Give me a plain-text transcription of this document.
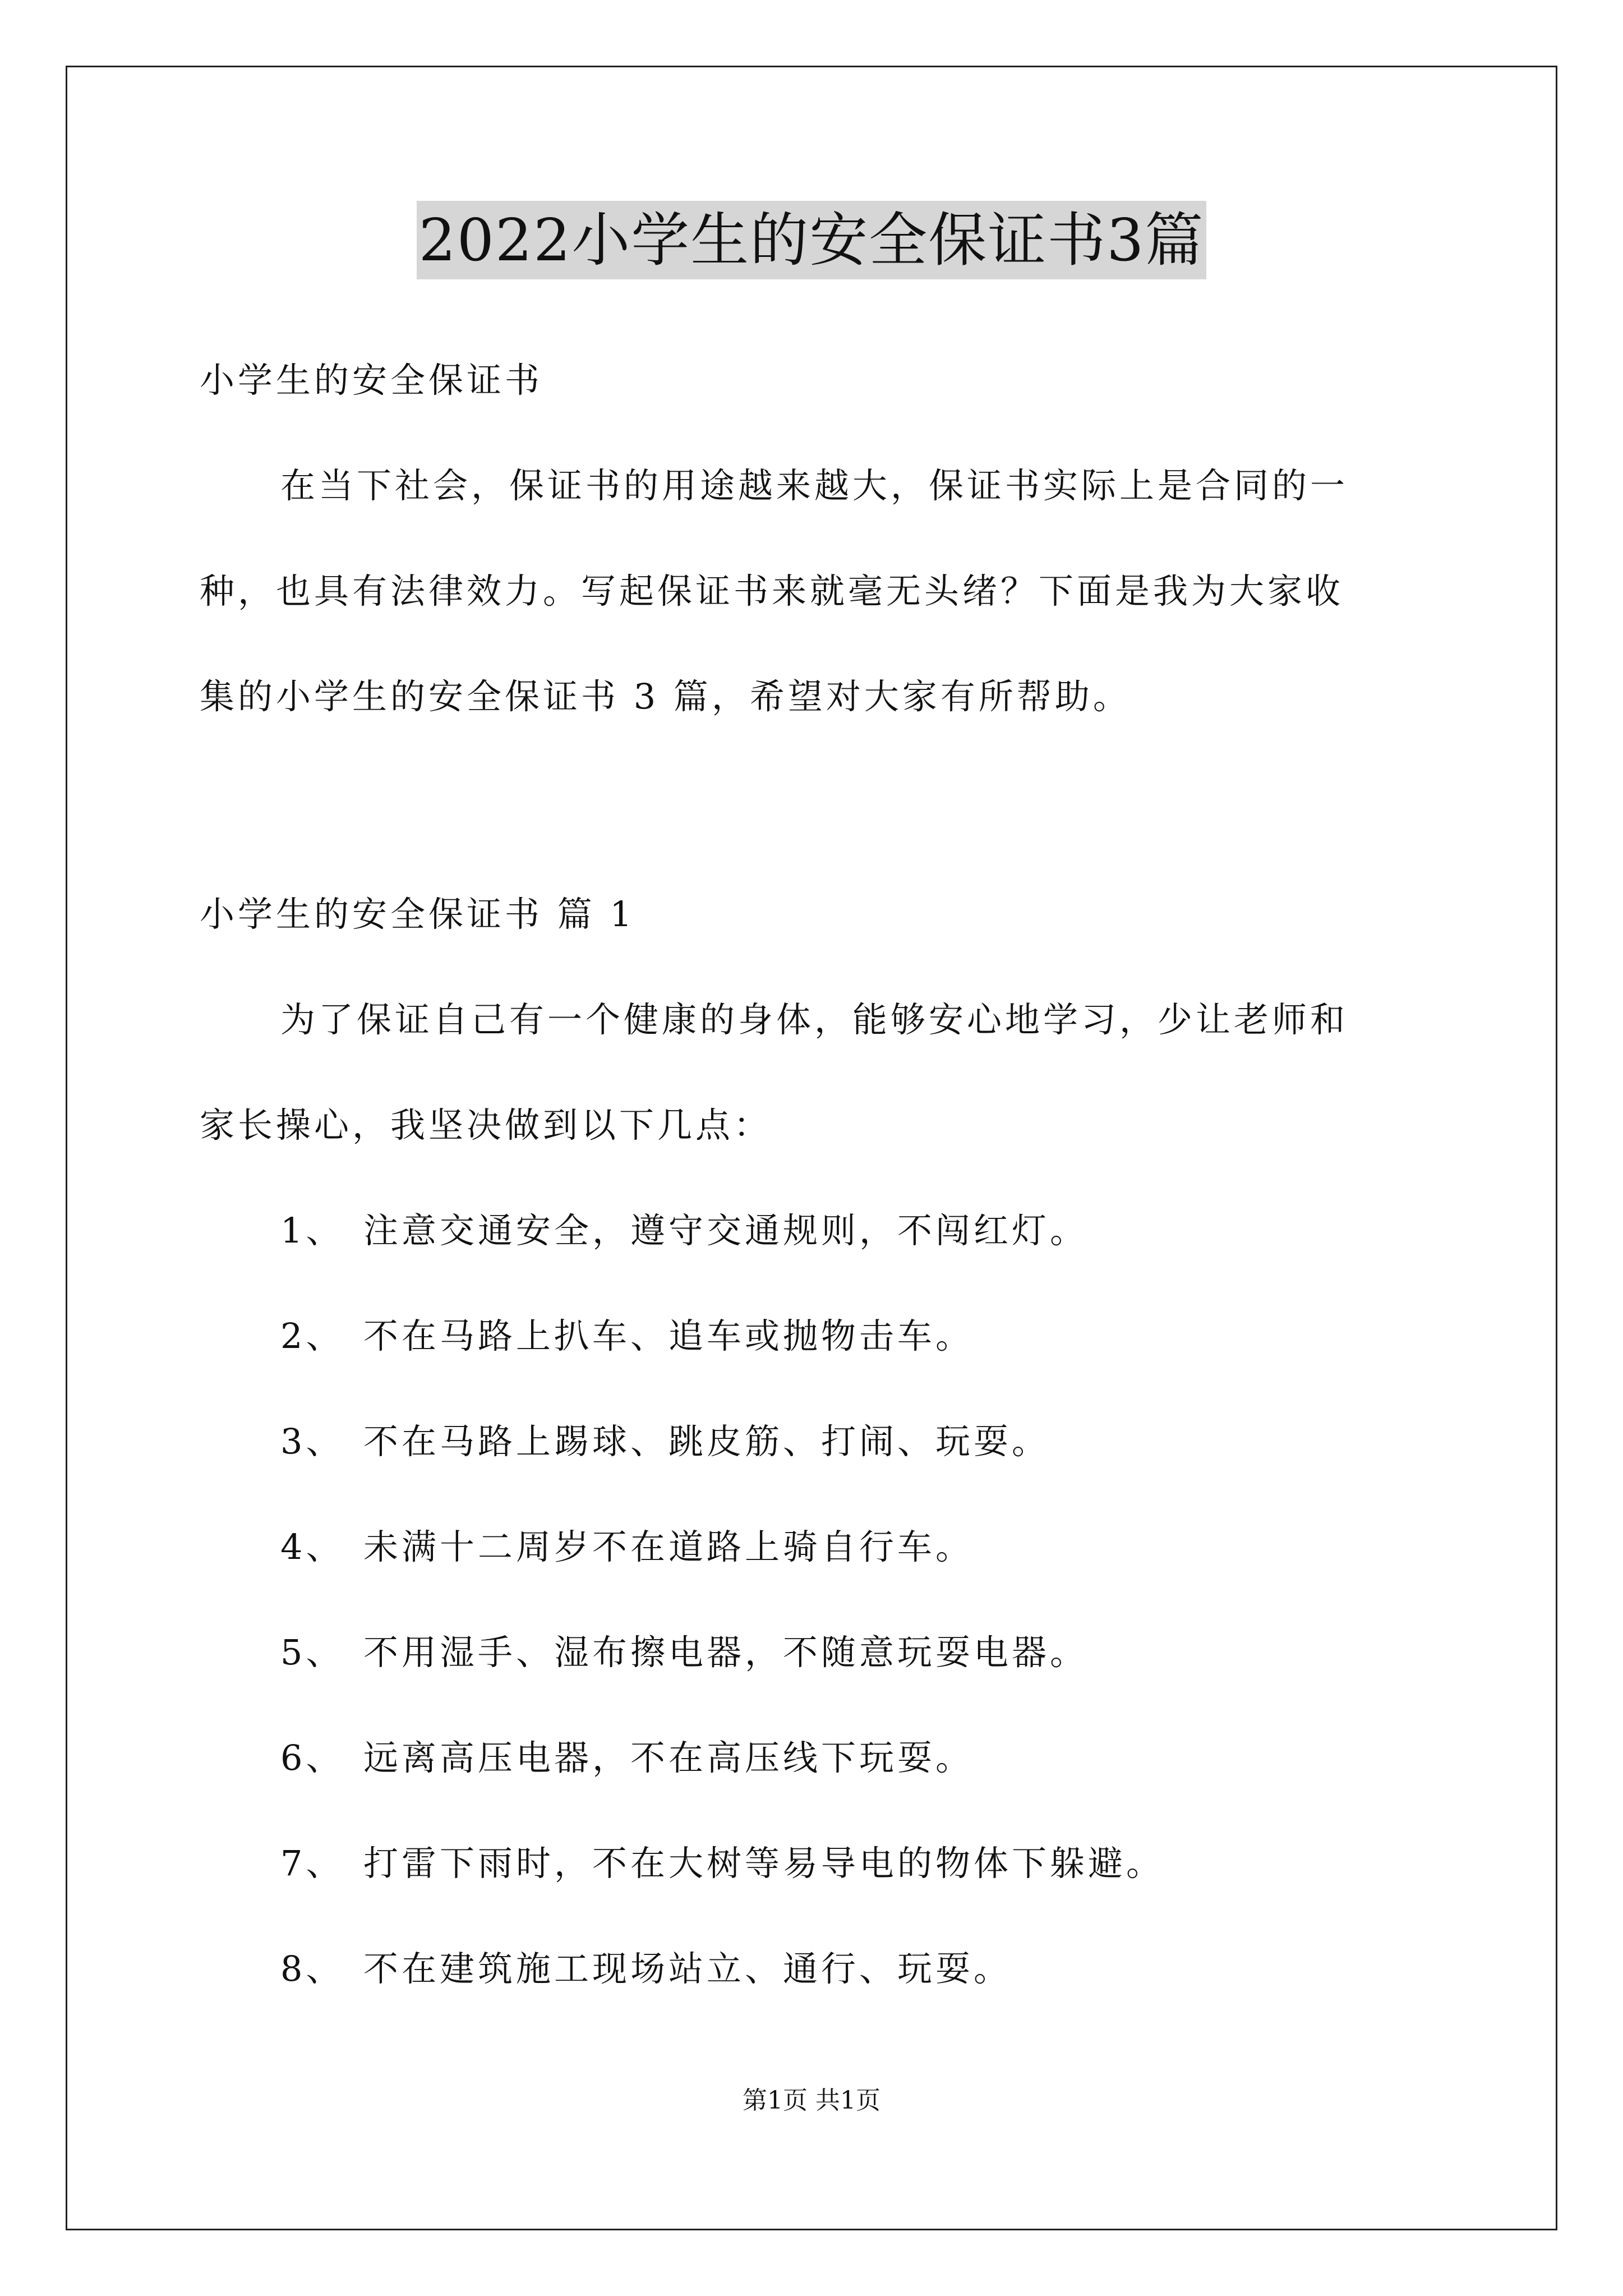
2022小学生的安全保证书3篇
小学生的安全保证书
在当下社会，保证书的用途越来越大，保证书实际上是合同的一
种，也具有法律效力。写起保证书来就毫无头绪？下面是我为大家收
集的小学生的安全保证书 3 篇，希望对大家有所帮助。
小学生的安全保证书 篇 1
为了保证自己有一个健康的身体，能够安心地学习，少让老师和
家长操心，我坚决做到以下几点：
1、 注意交通安全，遵守交通规则，不闯红灯。
2、 不在马路上扒车、追车或抛物击车。
3、 不在马路上踢球、跳皮筋、打闹、玩耍。
4、 未满十二周岁不在道路上骑自行车。
5、 不用湿手、湿布擦电器，不随意玩耍电器。
6、 远离高压电器，不在高压线下玩耍。
7、 打雷下雨时，不在大树等易导电的物体下躲避。
8、 不在建筑施工现场站立、通行、玩耍。
第1页 共1页
